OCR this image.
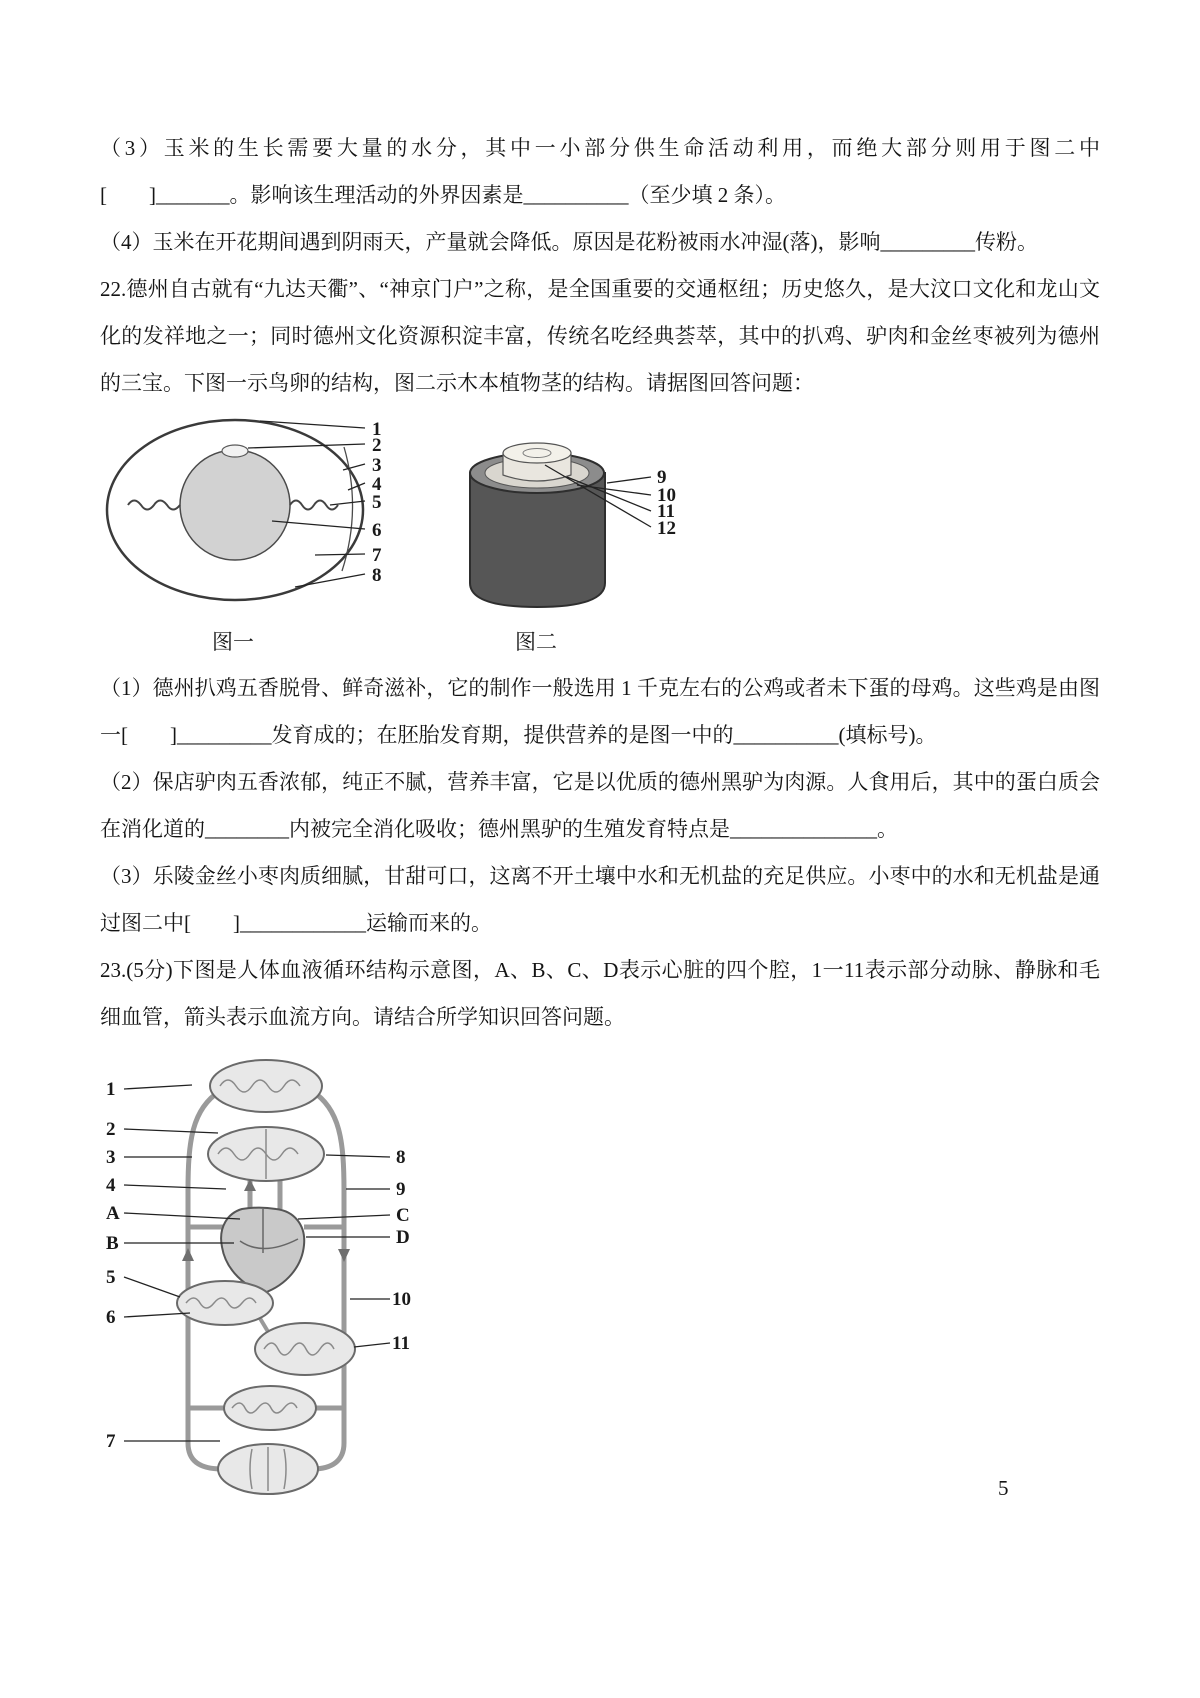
（3）玉米的生长需要大量的水分，其中一小部分供生命活动利用，而绝大部分则用于图二中[　　]_______。影响该生理活动的外界因素是__________（至少填 2 条）。

（4）玉米在开花期间遇到阴雨天，产量就会降低。原因是花粉被雨水冲湿(落)，影响_________传粉。

22.德州自古就有“九达天衢”、“神京门户”之称，是全国重要的交通枢纽；历史悠久，是大汶口文化和龙山文化的发祥地之一；同时德州文化资源积淀丰富，传统名吃经典荟萃，其中的扒鸡、驴肉和金丝枣被列为德州的三宝。下图一示鸟卵的结构，图二示木本植物茎的结构。请据图回答问题：

1
2
3
4
5
6
7
8
9
10
11
12
图一	图二

（1）德州扒鸡五香脱骨、鲜奇滋补，它的制作一般选用 1 千克左右的公鸡或者未下蛋的母鸡。这些鸡是由图一[　　]_________发育成的；在胚胎发育期，提供营养的是图一中的__________(填标号)。

（2）保店驴肉五香浓郁，纯正不腻，营养丰富，它是以优质的德州黑驴为肉源。人食用后，其中的蛋白质会在消化道的________内被完全消化吸收；德州黑驴的生殖发育特点是______________。

（3）乐陵金丝小枣肉质细腻，甘甜可口，这离不开土壤中水和无机盐的充足供应。小枣中的水和无机盐是通过图二中[　　]____________运输而来的。

23.(5分)下图是人体血液循环结构示意图，A、B、C、D表示心脏的四个腔，1一11表示部分动脉、静脉和毛细血管，箭头表示血流方向。请结合所学知识回答问题。

1
2
3
4
A
B
5
6
7
8
9
C
D
10
11
5
